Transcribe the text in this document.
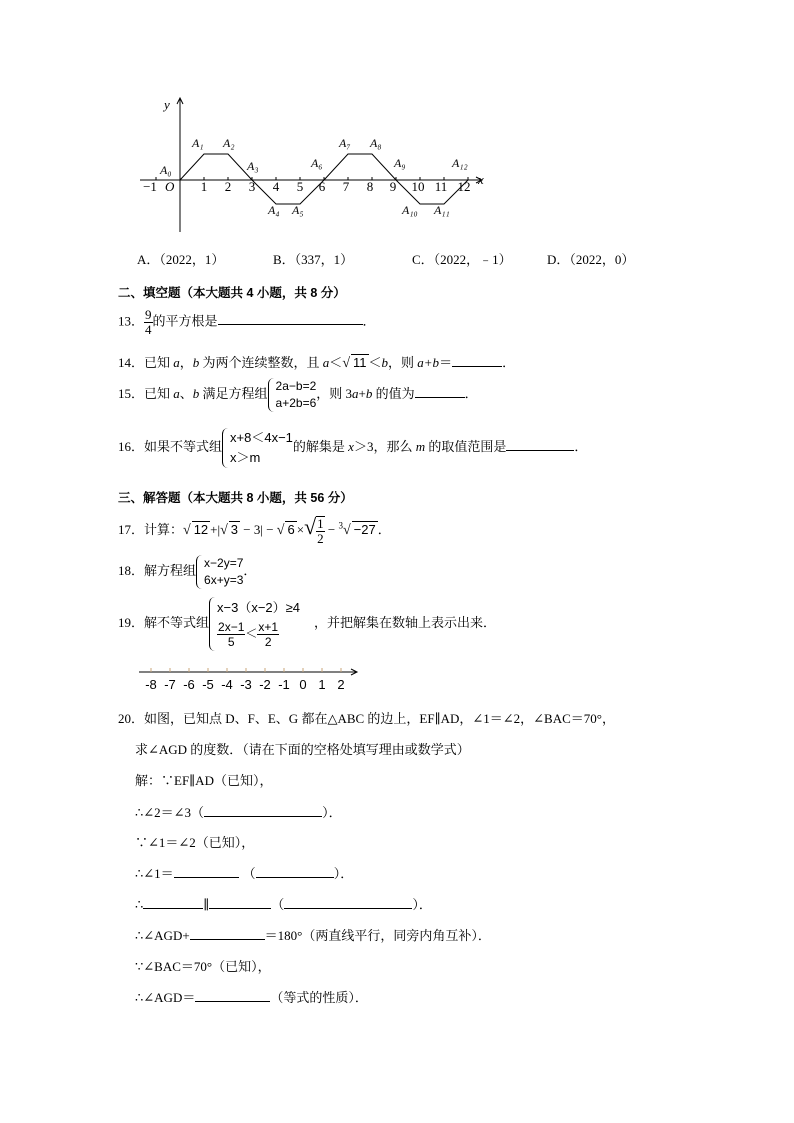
y
x
O
−1	1 2 3 4 5 6 7 8 9 10 11 12
A₀
A₁ A₂
A₃
A₄ A₅
A₆
A₇ A₈
A₉
A₁₀ A₁₁
A₁₂
A．（2022，1）	B．（337，1）	C．（2022，﹣1）	D．（2022，0）
二、填空题（本大题共 4 小题，共 8 分）
13． $\frac{9}{4}$ 的平方根是	．
14．已知 a，b 为两个连续整数，且 a＜√ 11 ＜b，则 a+b＝	．
15．已知 a、b 满足方程组 2a−b=2
a+2b=6
，则 3a+b 的值为	．
16．如果不等式组
x+8＜4x−1
x＞m
的解集是 x＞3，那么 m 的取值范围是	．
三、解答题（本大题共 8 小题，共 56 分）
17．计算：√ 12 +|√ 3 − 3| − √ 6 ×√ $\frac{1}{2} - ^3√ -27$ ．
18．解方程组 x−2y=7
6x+y=3
．
19．解不等式组
x−3（x−2）≥4
$\frac{2x-1}{5} < \frac{x+1}{2}$	，并把解集在数轴上表示出来．
-8 -7 -6 -5 -4 -3 -2 -1 0 1 2
20．如图，已知点 D、F、E、G 都在△ABC 的边上，EF∥AD，∠1＝∠2，∠BAC＝70°，
求∠AGD 的度数．（请在下面的空格处填写理由或数学式）
解：∵EF∥AD（已知），
∴∠2＝∠3（	）．
∵∠1＝∠2（已知），
∴∠1＝	（	）．
∴	∥	（	）．
∴∠AGD+	＝180°（两直线平行，同旁内角互补）．
∵∠BAC＝70°（已知），
∴∠AGD＝	（等式的性质）．
